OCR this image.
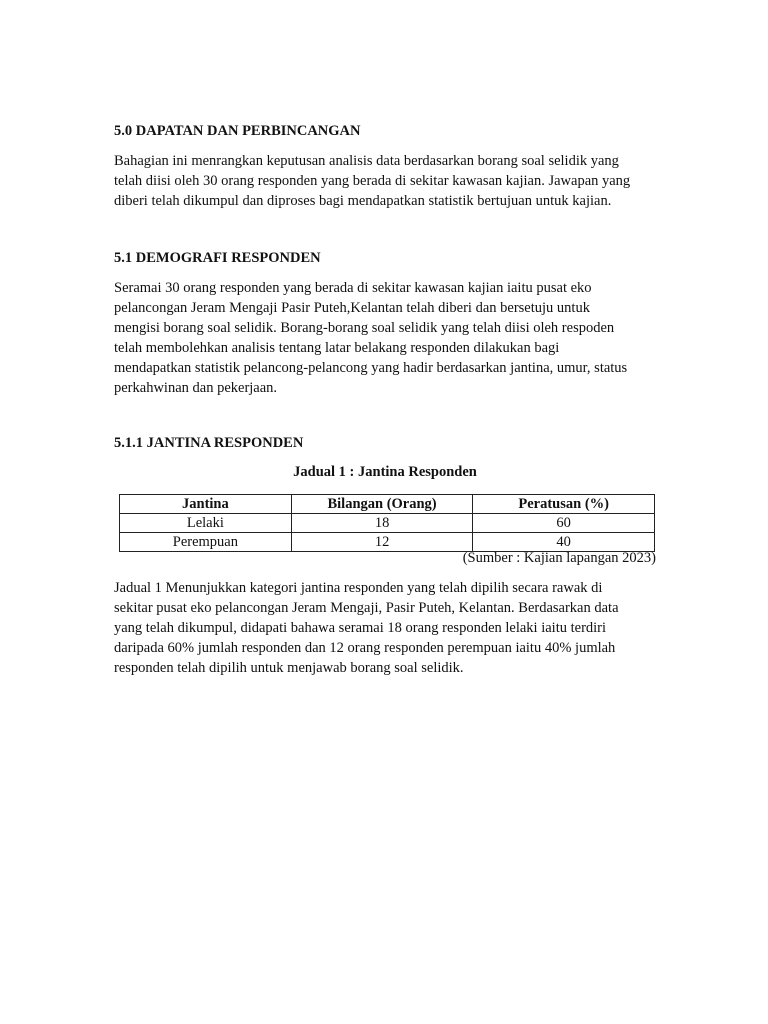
5.0 DAPATAN DAN PERBINCANGAN

Bahagian ini menrangkan keputusan analisis data berdasarkan borang soal selidik yang
telah diisi oleh 30 orang responden yang berada di sekitar kawasan kajian. Jawapan yang
diberi telah dikumpul dan diproses bagi mendapatkan statistik bertujuan untuk kajian.

5.1 DEMOGRAFI RESPONDEN

Seramai 30 orang responden yang berada di sekitar kawasan kajian iaitu pusat eko
pelancongan Jeram Mengaji Pasir Puteh,Kelantan telah diberi dan bersetuju untuk
mengisi borang soal selidik. Borang-borang soal selidik yang telah diisi oleh respoden
telah membolehkan analisis tentang latar belakang responden dilakukan bagi
mendapatkan statistik pelancong-pelancong yang hadir berdasarkan jantina, umur, status
perkahwinan dan pekerjaan.

5.1.1 JANTINA RESPONDEN

Jadual 1 : Jantina Responden

Jantina	Bilangan (Orang)	Peratusan (%)
Lelaki	18	60
Perempuan	12	40

(Sumber : Kajian lapangan 2023)

Jadual 1 Menunjukkan kategori jantina responden yang telah dipilih secara rawak di
sekitar pusat eko pelancongan Jeram Mengaji, Pasir Puteh, Kelantan. Berdasarkan data
yang telah dikumpul, didapati bahawa seramai 18 orang responden lelaki iaitu terdiri
daripada 60% jumlah responden dan 12 orang responden perempuan iaitu 40% jumlah
responden telah dipilih untuk menjawab borang soal selidik.
